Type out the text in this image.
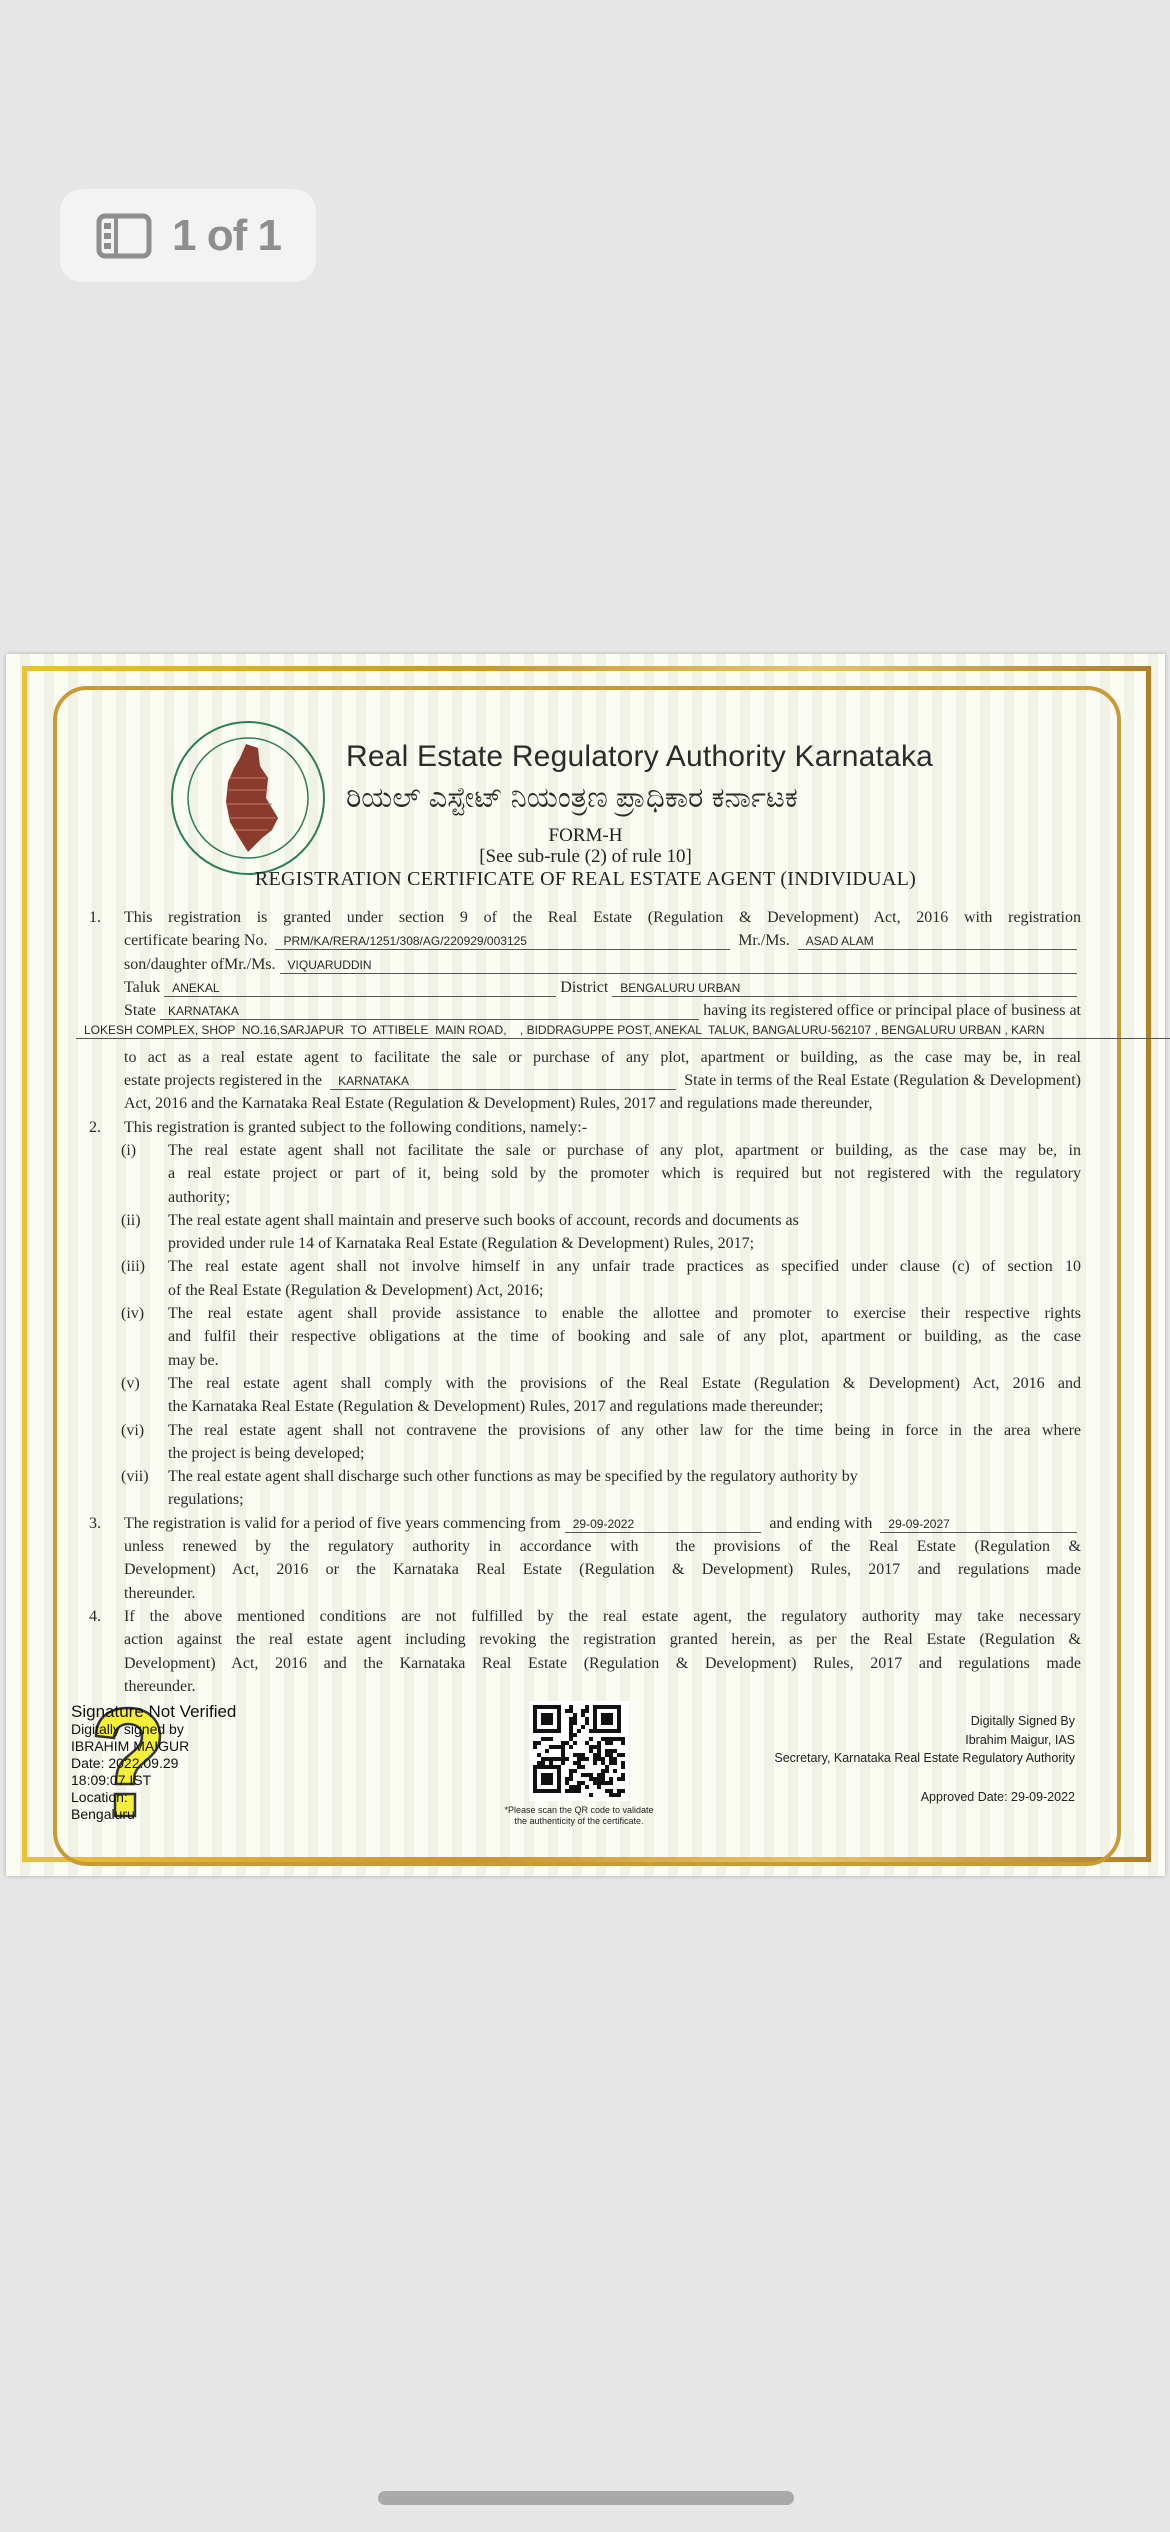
1 of 1
Real Estate Regulatory Authority Karnataka
ರಿಯಲ್ ಎಸ್ಟೇಟ್ ನಿಯಂತ್ರಣ ಪ್ರಾಧಿಕಾರ ಕರ್ನಾಟಕ
FORM-H
[See sub-rule (2) of rule 10]
REGISTRATION CERTIFICATE OF REAL ESTATE AGENT (INDIVIDUAL)
1. This registration is granted under section 9 of the Real Estate (Regulation & Development) Act, 2016 with registration
certificate bearing No.	PRM/KA/RERA/1251/308/AG/220929/003125	Mr./Ms.	ASAD ALAM
son/daughter ofMr./Ms.	VIQUARUDDIN
Taluk	ANEKAL	District	BENGALURU URBAN
State	KARNATAKA	having its registered office or principal place of business at
LOKESH COMPLEX, SHOP  NO.16,SARJAPUR  TO  ATTIBELE  MAIN ROAD,    , BIDDRAGUPPE POST, ANEKAL  TALUK, BANGALURU-562107 , BENGALURU URBAN , KARN
to act as a real estate agent to facilitate the sale or purchase of any plot, apartment or building, as the case may be, in real
estate projects registered in the	KARNATAKA	State in terms of the Real Estate (Regulation & Development)
Act, 2016 and the Karnataka Real Estate (Regulation & Development) Rules, 2017 and regulations made thereunder,
2. This registration is granted subject to the following conditions, namely:-
(i) The real estate agent shall not facilitate the sale or purchase of any plot, apartment or building, as the case may be, in
a real estate project or part of it, being sold by the promoter which is required but not registered with the regulatory
authority;
(ii) The real estate agent shall maintain and preserve such books of account, records and documents as
provided under rule 14 of Karnataka Real Estate (Regulation & Development) Rules, 2017;
(iii) The real estate agent shall not involve himself in any unfair trade practices as specified under clause (c) of section 10
of the Real Estate (Regulation & Development) Act, 2016;
(iv) The real estate agent shall provide assistance to enable the allottee and promoter to exercise their respective rights
and fulfil their respective obligations at the time of booking and sale of any plot, apartment or building, as the case
may be.
(v) The real estate agent shall comply with the provisions of the Real Estate (Regulation & Development) Act, 2016 and
the Karnataka Real Estate (Regulation & Development) Rules, 2017 and regulations made thereunder;
(vi) The real estate agent shall not contravene the provisions of any other law for the time being in force in the area where
the project is being developed;
(vii) The real estate agent shall discharge such other functions as may be specified by the regulatory authority by
regulations;
3. The registration is valid for a period of five years commencing from	29-09-2022	and ending with	29-09-2027
unless renewed by the regulatory authority in accordance with  the provisions of the Real Estate (Regulation &
Development) Act, 2016 or the Karnataka Real Estate (Regulation & Development) Rules, 2017 and regulations made
thereunder.
4. If the above mentioned conditions are not fulfilled by the real estate agent, the regulatory authority may take necessary
action against the real estate agent including revoking the registration granted herein, as per the Real Estate (Regulation &
Development) Act, 2016 and the Karnataka Real Estate (Regulation & Development) Rules, 2017 and regulations made
thereunder.
Signature Not Verified
Digitally signed by
IBRAHIM MAIGUR
Date: 2022.09.29
18:09:07 IST
Location:
Bengaluru	*Please scan the QR code to validate
the authenticity of the certificate.
Digitally Signed By
Ibrahim Maigur, IAS
Secretary, Karnataka Real Estate Regulatory Authority
Approved Date: 29-09-2022
